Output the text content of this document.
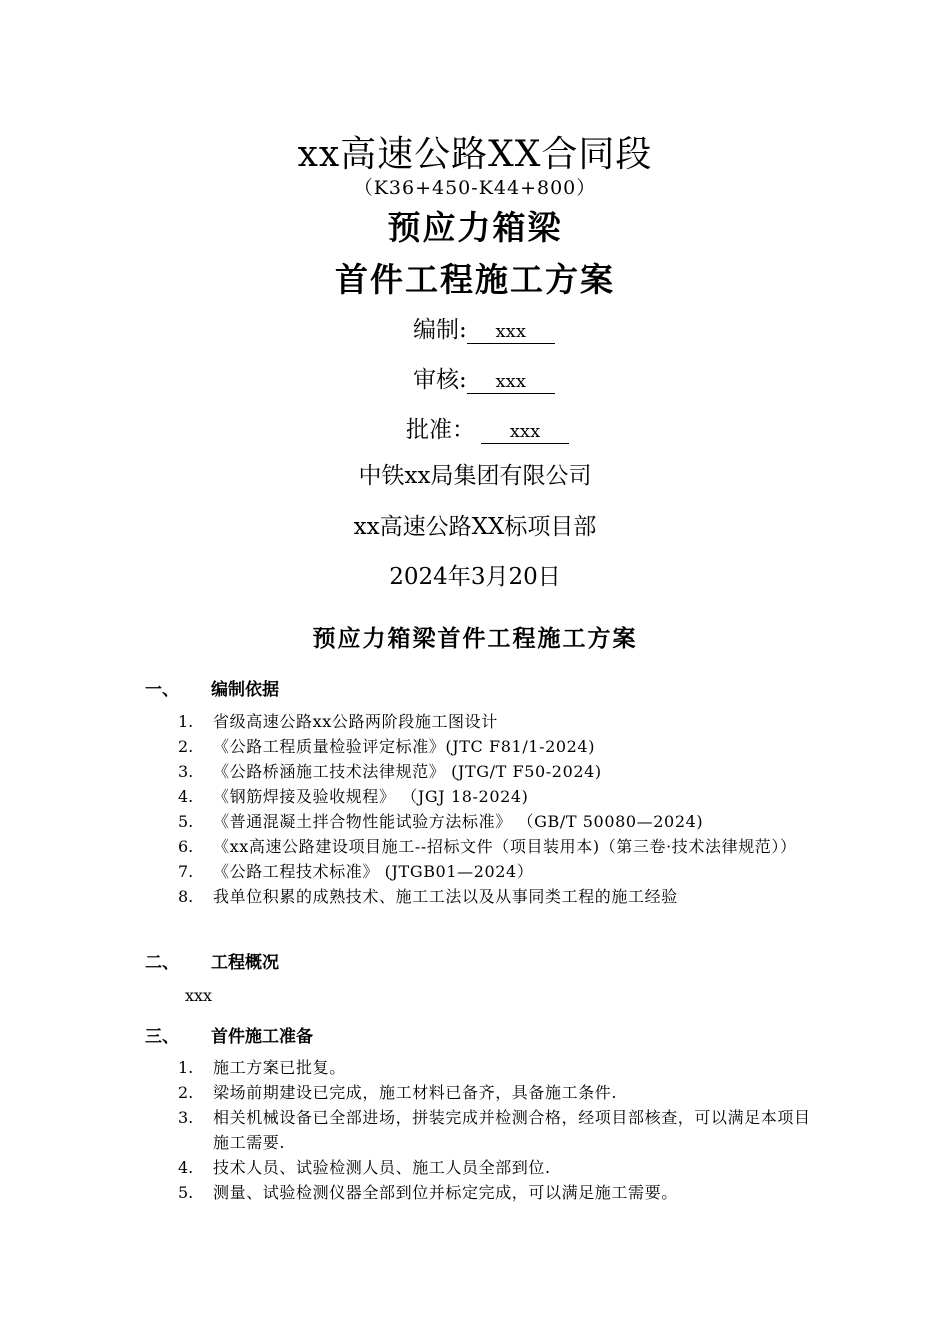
xx高速公路XX合同段
（K36+450-K44+800）
预应力箱梁
首件工程施工方案
编制: xxx
审核: xxx
批准： xxx
中铁xx局集团有限公司
xx高速公路XX标项目部
2024年3月20日
预应力箱梁首件工程施工方案
一、 编制依据
1.	省级高速公路xx公路两阶段施工图设计
2.	《公路工程质量检验评定标准》(JTC F81/1-2024)
3.	《公路桥涵施工技术法律规范》 (JTG/T F50-2024)
4.	《钢筋焊接及验收规程》 （JGJ 18-2024)
5.	《普通混凝土拌合物性能试验方法标准》 （GB/T 50080—2024)
6.	《xx高速公路建设项目施工--招标文件（项目装用本)（第三卷·技术法律规范））
7.	《公路工程技术标准》 (JTGB01—2024）
8.	我单位积累的成熟技术、施工工法以及从事同类工程的施工经验
二、 工程概况
xxx
三、 首件施工准备
1.	施工方案已批复。
2.	梁场前期建设已完成，施工材料已备齐，具备施工条件.
3.	相关机械设备已全部进场，拼装完成并检测合格，经项目部核查，可以满足本项目施工需要.
4.	技术人员、试验检测人员、施工人员全部到位.
5.	测量、试验检测仪器全部到位并标定完成，可以满足施工需要。
